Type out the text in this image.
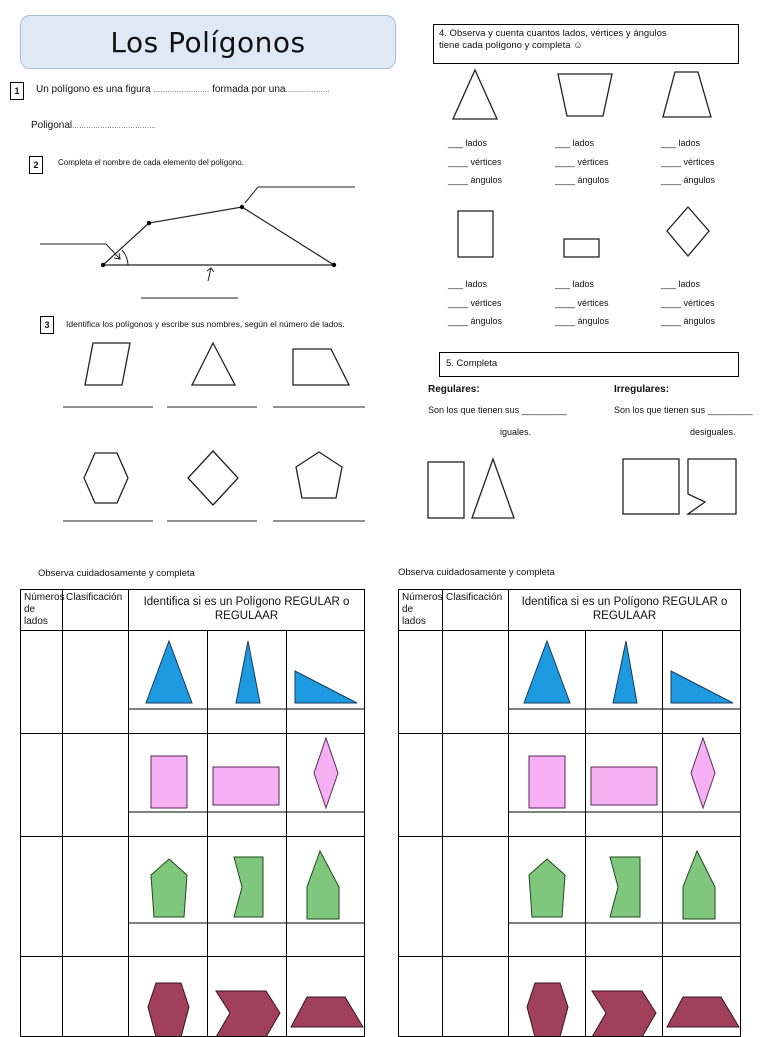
Los Polígonos
1	Un polígono es una figura …………………… formada por una……………….
Poligonal………………………………
2	Completa el nombre de cada elemento del polígono.
3	Identifica los polígonos y escribe sus nombres, según el número de lados.
4. Observa y cuenta cuantos lados, vértices y ángulos
tiene cada polígono y completa ☺
___ lados
____ vértices
____ ángulos
___ lados
____ vértices
____ ángulos
___ lados
____ vértices
____ ángulos
___ lados
____ vértices
____ ángulos
___ lados
____ vértices
____ ángulos
___ lados
____ vértices
____ ángulos
5. Completa
Regulares:
Son los que tienen sus _________
iguales.
Irregulares:
Son los que tienen sus _________
desiguales.
Observa cuidadosamente y completa	Observa cuidadosamente y completa
Números de lados	Clasificación	Identifica si es un Polígono REGULAR o REGULAAR		

Números de lados	Clasificación	Identifica si es un Polígono REGULAR o REGULAAR		
